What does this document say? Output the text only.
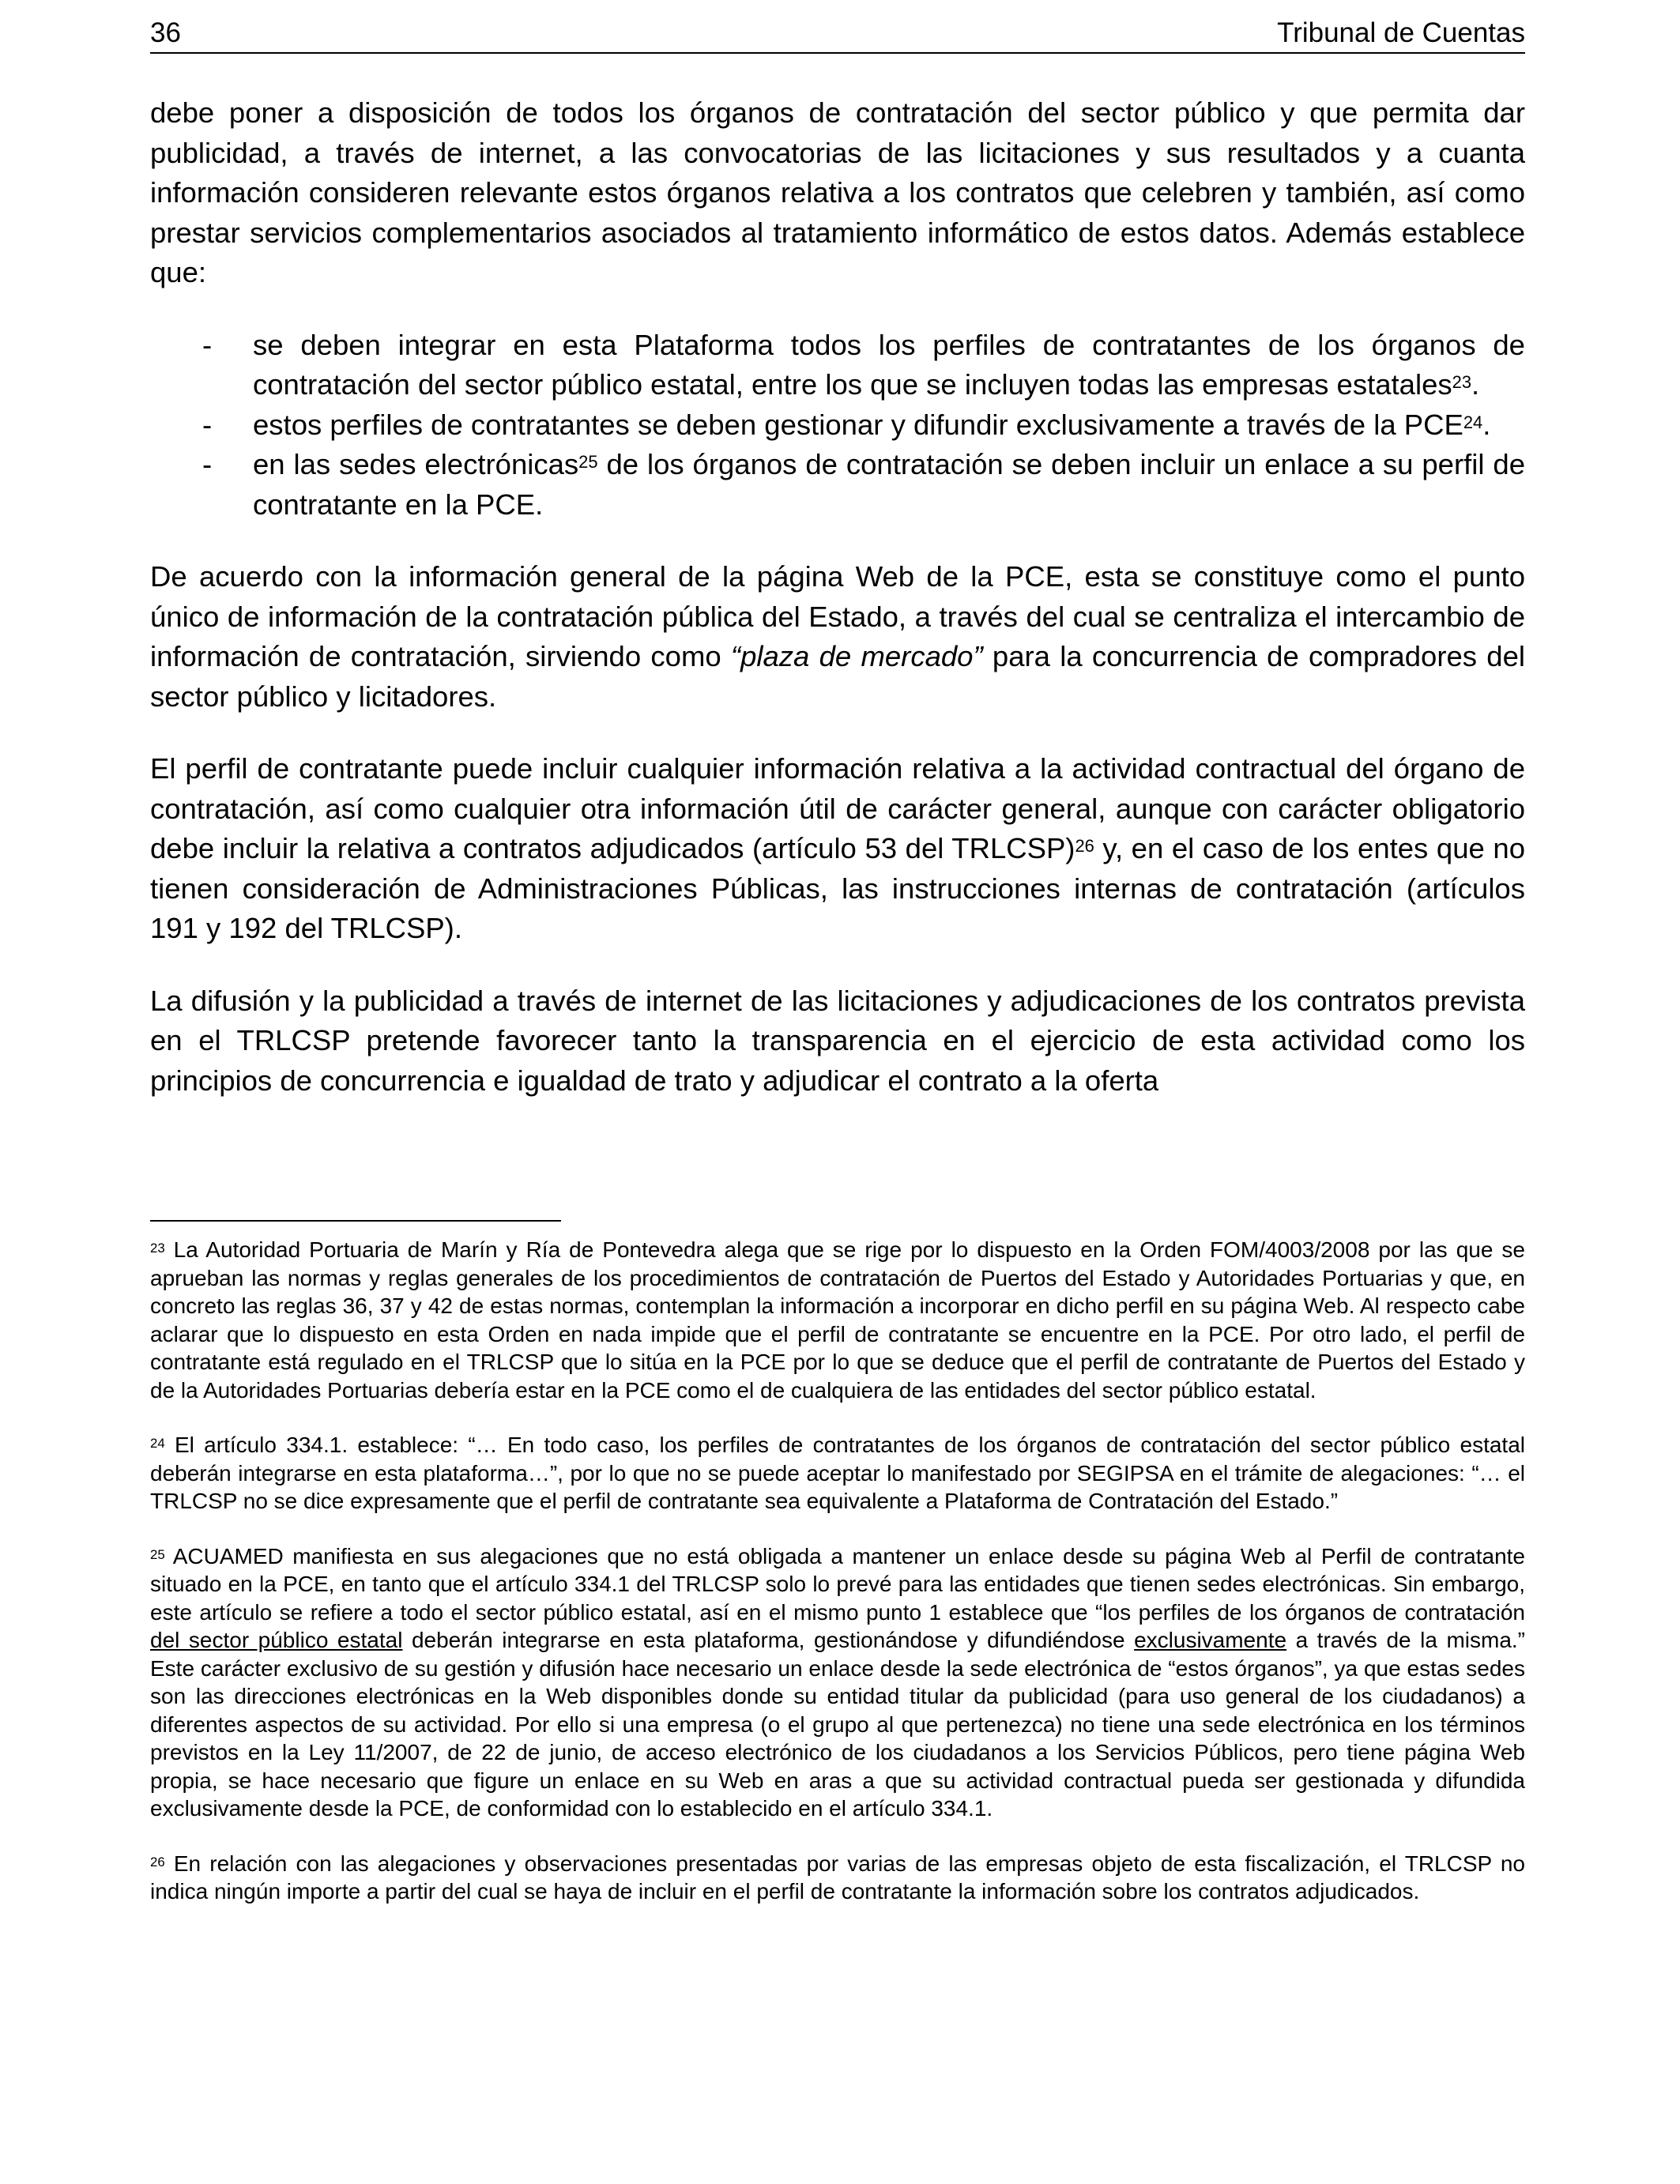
36	Tribunal de Cuentas

debe poner a disposición de todos los órganos de contratación del sector público y que permita dar publicidad, a través de internet, a las convocatorias de las licitaciones y sus resultados y a cuanta información consideren relevante estos órganos relativa a los contratos que celebren y también, así como prestar servicios complementarios asociados al tratamiento informático de estos datos. Además establece que:

- se deben integrar en esta Plataforma todos los perfiles de contratantes de los órganos de contratación del sector público estatal, entre los que se incluyen todas las empresas estatales$^{23}$.
- estos perfiles de contratantes se deben gestionar y difundir exclusivamente a través de la PCE$^{24}$.
- en las sedes electrónicas$^{25}$ de los órganos de contratación se deben incluir un enlace a su perfil de contratante en la PCE.

De acuerdo con la información general de la página Web de la PCE, esta se constituye como el punto único de información de la contratación pública del Estado, a través del cual se centraliza el intercambio de información de contratación, sirviendo como “plaza de mercado” para la concurrencia de compradores del sector público y licitadores.

El perfil de contratante puede incluir cualquier información relativa a la actividad contractual del órgano de contratación, así como cualquier otra información útil de carácter general, aunque con carácter obligatorio debe incluir la relativa a contratos adjudicados (artículo 53 del TRLCSP)$^{26}$ y, en el caso de los entes que no tienen consideración de Administraciones Públicas, las instrucciones internas de contratación (artículos 191 y 192 del TRLCSP).

La difusión y la publicidad a través de internet de las licitaciones y adjudicaciones de los contratos prevista en el TRLCSP pretende favorecer tanto la transparencia en el ejercicio de esta actividad como los principios de concurrencia e igualdad de trato y adjudicar el contrato a la oferta

$^{23}$ La Autoridad Portuaria de Marín y Ría de Pontevedra alega que se rige por lo dispuesto en la Orden FOM/4003/2008 por las que se aprueban las normas y reglas generales de los procedimientos de contratación de Puertos del Estado y Autoridades Portuarias y que, en concreto las reglas 36, 37 y 42 de estas normas, contemplan la información a incorporar en dicho perfil en su página Web. Al respecto cabe aclarar que lo dispuesto en esta Orden en nada impide que el perfil de contratante se encuentre en la PCE. Por otro lado, el perfil de contratante está regulado en el TRLCSP que lo sitúa en la PCE por lo que se deduce que el perfil de contratante de Puertos del Estado y de la Autoridades Portuarias debería estar en la PCE como el de cualquiera de las entidades del sector público estatal.
$^{24}$ El artículo 334.1. establece: “… En todo caso, los perfiles de contratantes de los órganos de contratación del sector público estatal deberán integrarse en esta plataforma…”, por lo que no se puede aceptar lo manifestado por SEGIPSA en el trámite de alegaciones: “… el TRLCSP no se dice expresamente que el perfil de contratante sea equivalente a Plataforma de Contratación del Estado.”
$^{25}$ ACUAMED manifiesta en sus alegaciones que no está obligada a mantener un enlace desde su página Web al Perfil de contratante situado en la PCE, en tanto que el artículo 334.1 del TRLCSP solo lo prevé para las entidades que tienen sedes electrónicas. Sin embargo, este artículo se refiere a todo el sector público estatal, así en el mismo punto 1 establece que “los perfiles de los órganos de contratación del sector público estatal deberán integrarse en esta plataforma, gestionándose y difundiéndose exclusivamente a través de la misma.” Este carácter exclusivo de su gestión y difusión hace necesario un enlace desde la sede electrónica de “estos órganos”, ya que estas sedes son las direcciones electrónicas en la Web disponibles donde su entidad titular da publicidad (para uso general de los ciudadanos) a diferentes aspectos de su actividad. Por ello si una empresa (o el grupo al que pertenezca) no tiene una sede electrónica en los términos previstos en la Ley 11/2007, de 22 de junio, de acceso electrónico de los ciudadanos a los Servicios Públicos, pero tiene página Web propia, se hace necesario que figure un enlace en su Web en aras a que su actividad contractual pueda ser gestionada y difundida exclusivamente desde la PCE, de conformidad con lo establecido en el artículo 334.1.
$^{26}$ En relación con las alegaciones y observaciones presentadas por varias de las empresas objeto de esta fiscalización, el TRLCSP no indica ningún importe a partir del cual se haya de incluir en el perfil de contratante la información sobre los contratos adjudicados.
